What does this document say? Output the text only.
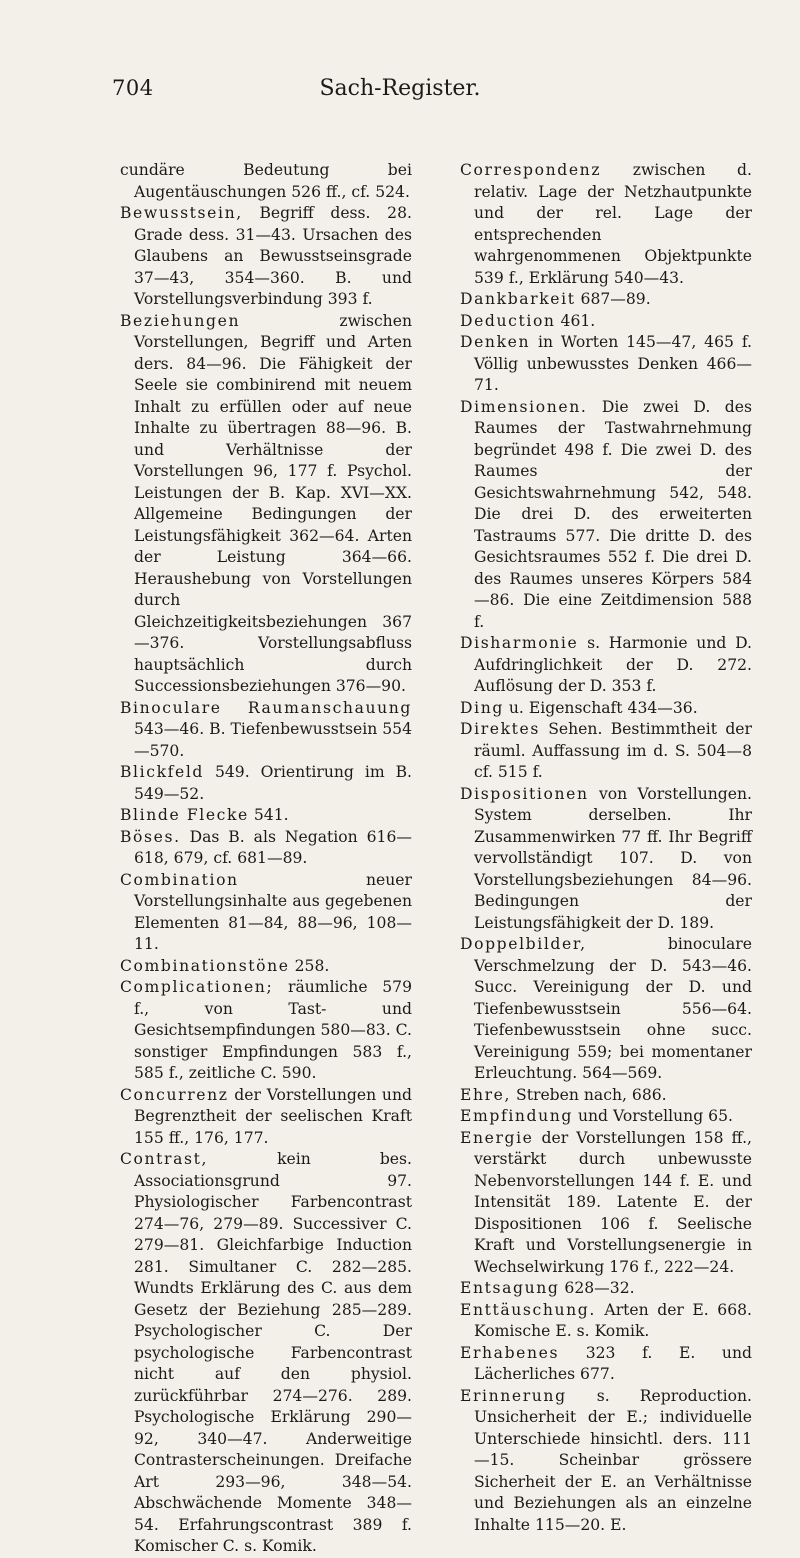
704	Sach-Register.

cundäre Bedeutung bei Augentäuschungen 526 ff., cf. 524.

Bewusstsein, Begriff dess. 28. Grade dess. 31—43. Ursachen des Glaubens an Bewusstseinsgrade 37—43, 354—360. B. und Vorstellungsverbindung 393 f.

Beziehungen zwischen Vorstellungen, Begriff und Arten ders. 84—96. Die Fähigkeit der Seele sie combinirend mit neuem Inhalt zu erfüllen oder auf neue Inhalte zu übertragen 88—96. B. und Verhältnisse der Vorstellungen 96, 177 f. Psychol. Leistungen der B. Kap. XVI—XX. Allgemeine Bedingungen der Leistungsfähigkeit 362—64. Arten der Leistung 364—66. Heraushebung von Vorstellungen durch Gleichzeitigkeitsbeziehungen 367—376. Vorstellungsabfluss hauptsächlich durch Successionsbeziehungen 376—90.

Binoculare Raumanschauung 543—46. B. Tiefenbewusstsein 554—570.

Blickfeld 549. Orientirung im B. 549—52.

Blinde Flecke 541.

Böses. Das B. als Negation 616—618, 679, cf. 681—89.

Combination neuer Vorstellungsinhalte aus gegebenen Elementen 81—84, 88—96, 108—11.

Combinationstöne 258.

Complicationen; räumliche 579 f., von Tast- und Gesichtsempfindungen 580—83. C. sonstiger Empfindungen 583 f., 585 f., zeitliche C. 590.

Concurrenz der Vorstellungen und Begrenztheit der seelischen Kraft 155 ff., 176, 177.

Contrast, kein bes. Associationsgrund 97. Physiologischer Farbencontrast 274—76, 279—89. Successiver C. 279—81. Gleichfarbige Induction 281. Simultaner C. 282—285. Wundts Erklärung des C. aus dem Gesetz der Beziehung 285—289. Psychologischer C. Der psychologische Farbencontrast nicht auf den physiol. zurückführbar 274—276. 289. Psychologische Erklärung 290—92, 340—47. Anderweitige Contrasterscheinungen. Dreifache Art 293—96, 348—54. Abschwächende Momente 348—54. Erfahrungscontrast 389 f. Komischer C. s. Komik.

Correspondenz zwischen d. relativ. Lage der Netzhautpunkte und der rel. Lage der entsprechenden wahrgenommenen Objektpunkte 539 f., Erklärung 540—43.

Dankbarkeit 687—89.

Deduction 461.

Denken in Worten 145—47, 465 f. Völlig unbewusstes Denken 466—71.

Dimensionen. Die zwei D. des Raumes der Tastwahrnehmung begründet 498 f. Die zwei D. des Raumes der Gesichtswahrnehmung 542, 548. Die drei D. des erweiterten Tastraums 577. Die dritte D. des Gesichtsraumes 552 f. Die drei D. des Raumes unseres Körpers 584—86. Die eine Zeitdimension 588 f.

Disharmonie s. Harmonie und D. Aufdringlichkeit der D. 272. Auflösung der D. 353 f.

Ding u. Eigenschaft 434—36.

Direktes Sehen. Bestimmtheit der räuml. Auffassung im d. S. 504—8 cf. 515 f.

Dispositionen von Vorstellungen. System derselben. Ihr Zusammenwirken 77 ff. Ihr Begriff vervollständigt 107. D. von Vorstellungsbeziehungen 84—96. Bedingungen der Leistungsfähigkeit der D. 189.

Doppelbilder, binoculare Verschmelzung der D. 543—46. Succ. Vereinigung der D. und Tiefenbewusstsein 556—64. Tiefenbewusstsein ohne succ. Vereinigung 559; bei momentaner Erleuchtung. 564—569.

Ehre, Streben nach, 686.

Empfindung und Vorstellung 65.

Energie der Vorstellungen 158 ff., verstärkt durch unbewusste Nebenvorstellungen 144 f. E. und Intensität 189. Latente E. der Dispositionen 106 f. Seelische Kraft und Vorstellungsenergie in Wechselwirkung 176 f., 222—24.

Entsagung 628—32.

Enttäuschung. Arten der E. 668. Komische E. s. Komik.

Erhabenes 323 f. E. und Lächerliches 677.

Erinnerung s. Reproduction. Unsicherheit der E.; individuelle Unterschiede hinsichtl. ders. 111—15. Scheinbar grössere Sicherheit der E. an Verhältnisse und Beziehungen als an einzelne Inhalte 115—20. E.
